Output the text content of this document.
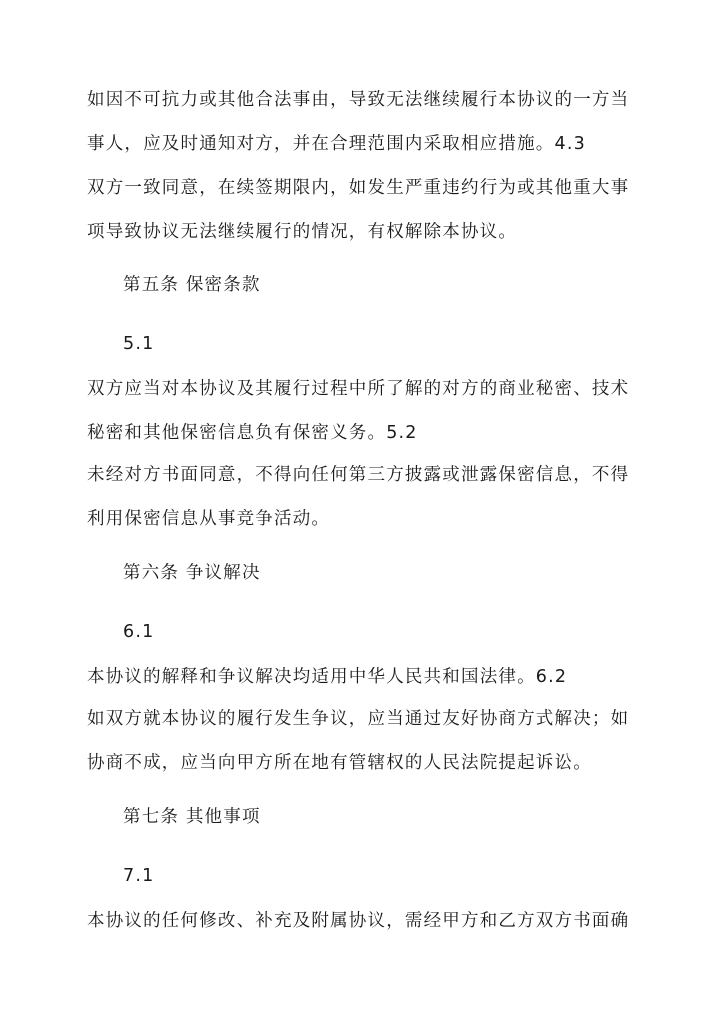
如因不可抗力或其他合法事由，导致无法继续履行本协议的一方当
事人，应及时通知对方，并在合理范围内采取相应措施。4.3
双方一致同意，在续签期限内，如发生严重违约行为或其他重大事
项导致协议无法继续履行的情况，有权解除本协议。
第五条 保密条款
5.1
双方应当对本协议及其履行过程中所了解的对方的商业秘密、技术
秘密和其他保密信息负有保密义务。5.2
未经对方书面同意，不得向任何第三方披露或泄露保密信息，不得
利用保密信息从事竞争活动。
第六条 争议解决
6.1
本协议的解释和争议解决均适用中华人民共和国法律。6.2
如双方就本协议的履行发生争议，应当通过友好协商方式解决；如
协商不成，应当向甲方所在地有管辖权的人民法院提起诉讼。
第七条 其他事项
7.1
本协议的任何修改、补充及附属协议，需经甲方和乙方双方书面确
